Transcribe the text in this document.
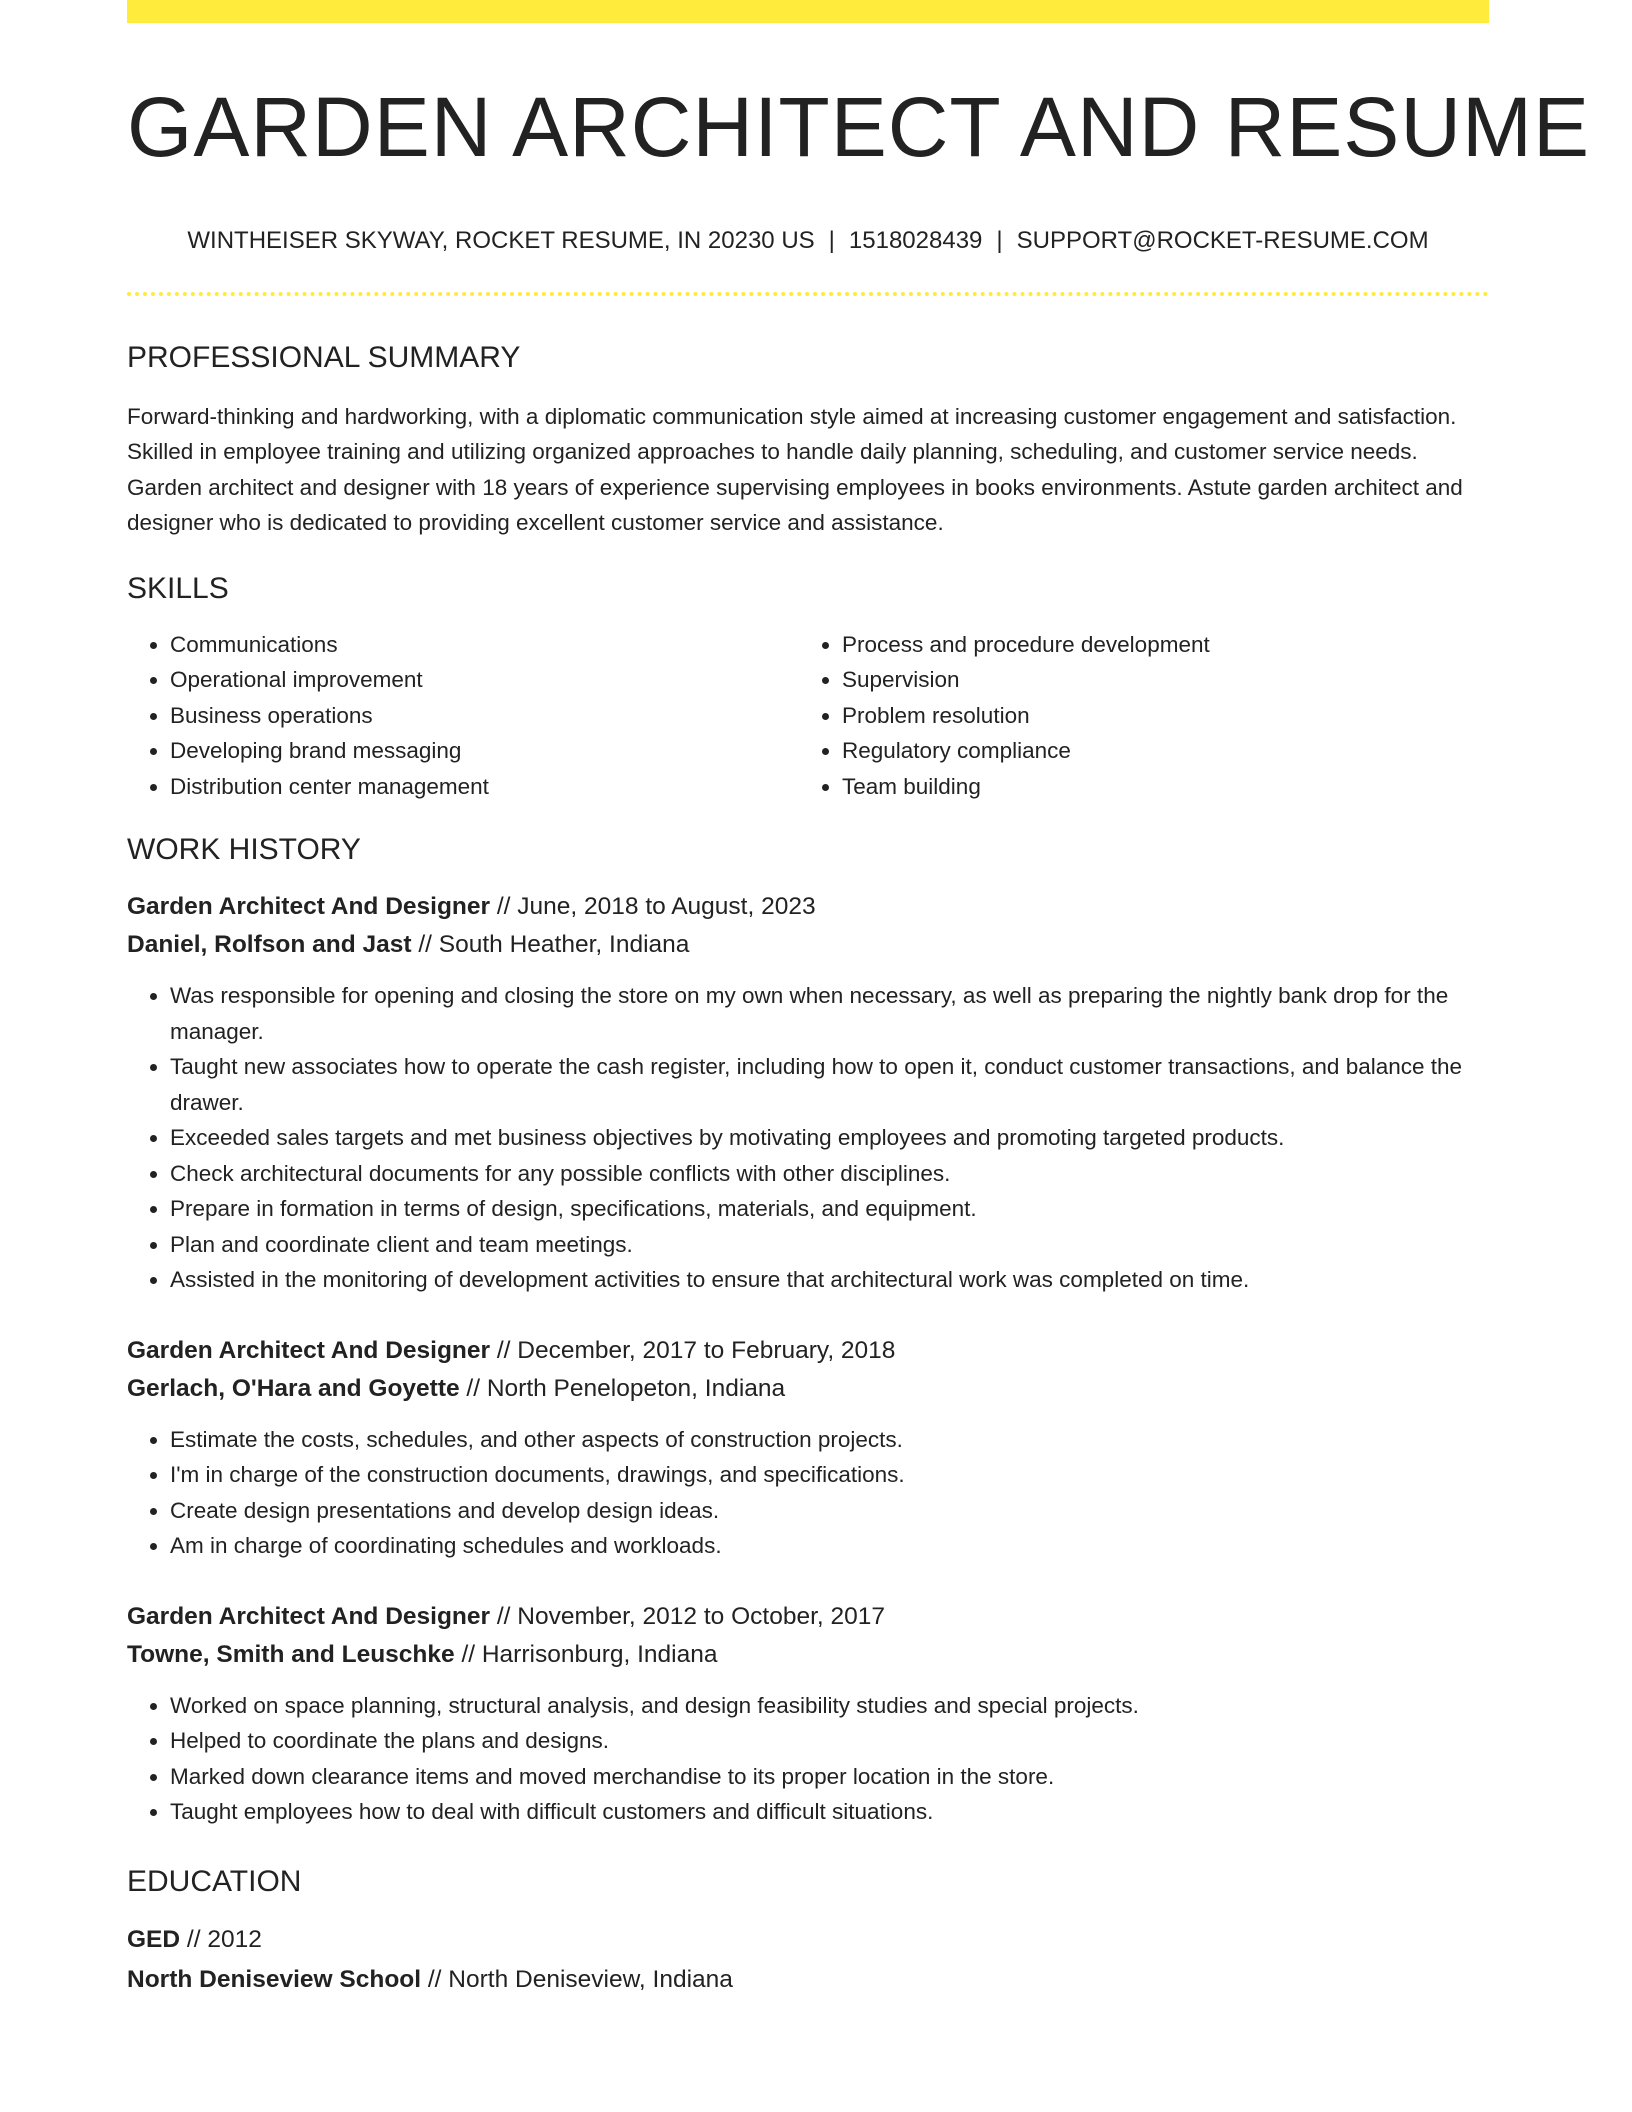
GARDEN ARCHITECT AND RESUME
WINTHEISER SKYWAY, ROCKET RESUME, IN 20230 US | 1518028439 | SUPPORT@ROCKET-RESUME.COM
PROFESSIONAL SUMMARY

Forward-thinking and hardworking, with a diplomatic communication style aimed at increasing customer engagement and satisfaction. Skilled in employee training and utilizing organized approaches to handle daily planning, scheduling, and customer service needs. Garden architect and designer with 18 years of experience supervising employees in books environments. Astute garden architect and designer who is dedicated to providing excellent customer service and assistance.

SKILLS
• Communications
• Operational improvement
• Business operations
• Developing brand messaging
• Distribution center management
• Process and procedure development
• Supervision
• Problem resolution
• Regulatory compliance
• Team building
WORK HISTORY
Garden Architect And Designer // June, 2018 to August, 2023
Daniel, Rolfson and Jast // South Heather, Indiana
• Was responsible for opening and closing the store on my own when necessary, as well as preparing the nightly bank drop for the manager.
• Taught new associates how to operate the cash register, including how to open it, conduct customer transactions, and balance the drawer.
• Exceeded sales targets and met business objectives by motivating employees and promoting targeted products.
• Check architectural documents for any possible conflicts with other disciplines.
• Prepare in formation in terms of design, specifications, materials, and equipment.
• Plan and coordinate client and team meetings.
• Assisted in the monitoring of development activities to ensure that architectural work was completed on time.
Garden Architect And Designer // December, 2017 to February, 2018
Gerlach, O'Hara and Goyette // North Penelopeton, Indiana
• Estimate the costs, schedules, and other aspects of construction projects.
• I'm in charge of the construction documents, drawings, and specifications.
• Create design presentations and develop design ideas.
• Am in charge of coordinating schedules and workloads.
Garden Architect And Designer // November, 2012 to October, 2017
Towne, Smith and Leuschke // Harrisonburg, Indiana
• Worked on space planning, structural analysis, and design feasibility studies and special projects.
• Helped to coordinate the plans and designs.
• Marked down clearance items and moved merchandise to its proper location in the store.
• Taught employees how to deal with difficult customers and difficult situations.
EDUCATION
GED // 2012
North Deniseview School // North Deniseview, Indiana
